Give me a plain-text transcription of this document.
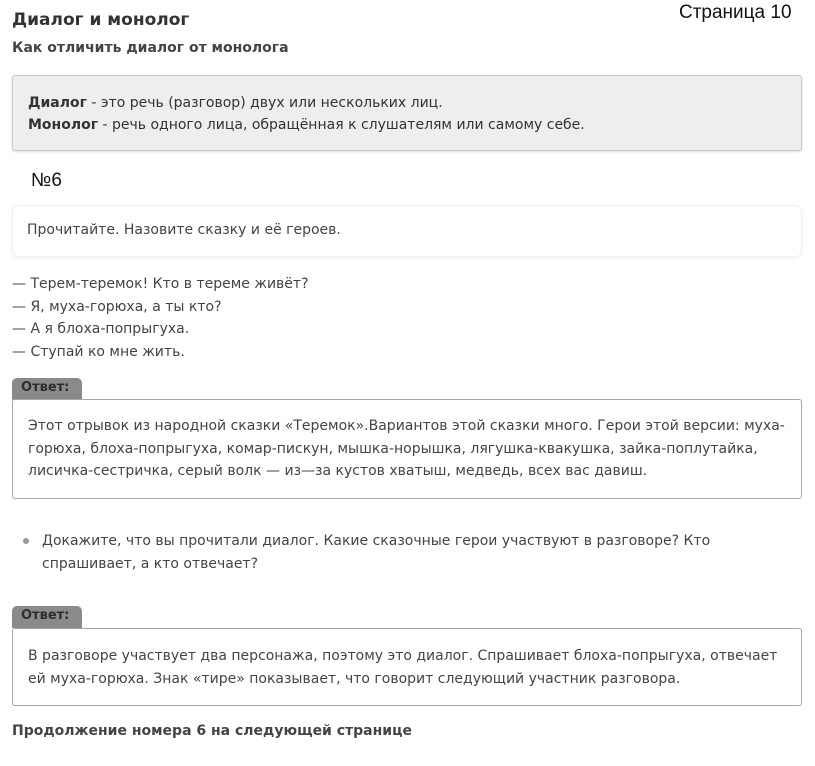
Страница 10
Диалог и монолог
Как отличить диалог от монолога
Диалог - это речь (разговор) двух или нескольких лиц.
Монолог - речь одного лица, обращённая к слушателям или самому себе.
№6
Прочитайте. Назовите сказку и её героев.
— Терем-теремок! Кто в тереме живёт?
— Я, муха-горюха, а ты кто?
— А я блоха-попрыгуха.
— Ступай ко мне жить.
Ответ:
Этот отрывок из народной сказки «Теремок».Вариантов этой сказки много. Герои этой версии: муха-
горюха, блоха-попрыгуха, комар-пискун, мышка-норышка, лягушка-квакушка, зайка-поплутайка,
лисичка-сестричка, серый волк — из—за кустов хватыш, медведь, всех вас давиш.
Докажите, что вы прочитали диалог. Какие сказочные герои участвуют в разговоре? Кто
спрашивает, а кто отвечает?
Ответ:
В разговоре участвует два персонажа, поэтому это диалог. Спрашивает блоха-попрыгуха, отвечает
ей муха-горюха. Знак «тире» показывает, что говорит следующий участник разговора.
Продолжение номера 6 на следующей странице
